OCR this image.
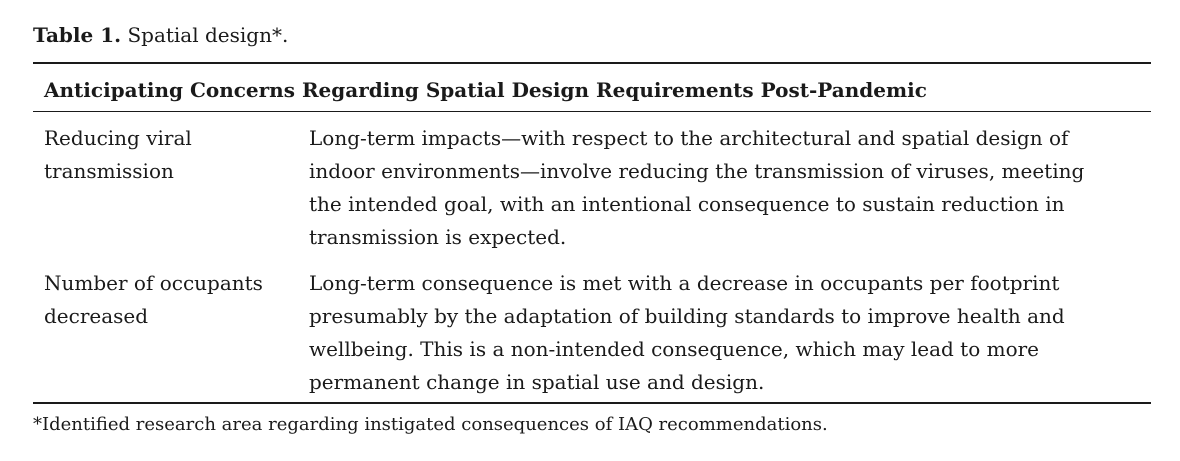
Table 1. Spatial design*.
Anticipating Concerns Regarding Spatial Design Requirements Post-Pandemic
Reducing viral
transmission
Long-term impacts—with respect to the architectural and spatial design of
indoor environments—involve reducing the transmission of viruses, meeting
the intended goal, with an intentional consequence to sustain reduction in
transmission is expected.
Number of occupants
decreased
Long-term consequence is met with a decrease in occupants per footprint
presumably by the adaptation of building standards to improve health and
wellbeing. This is a non-intended consequence, which may lead to more
permanent change in spatial use and design.
*Identified research area regarding instigated consequences of IAQ recommendations.
